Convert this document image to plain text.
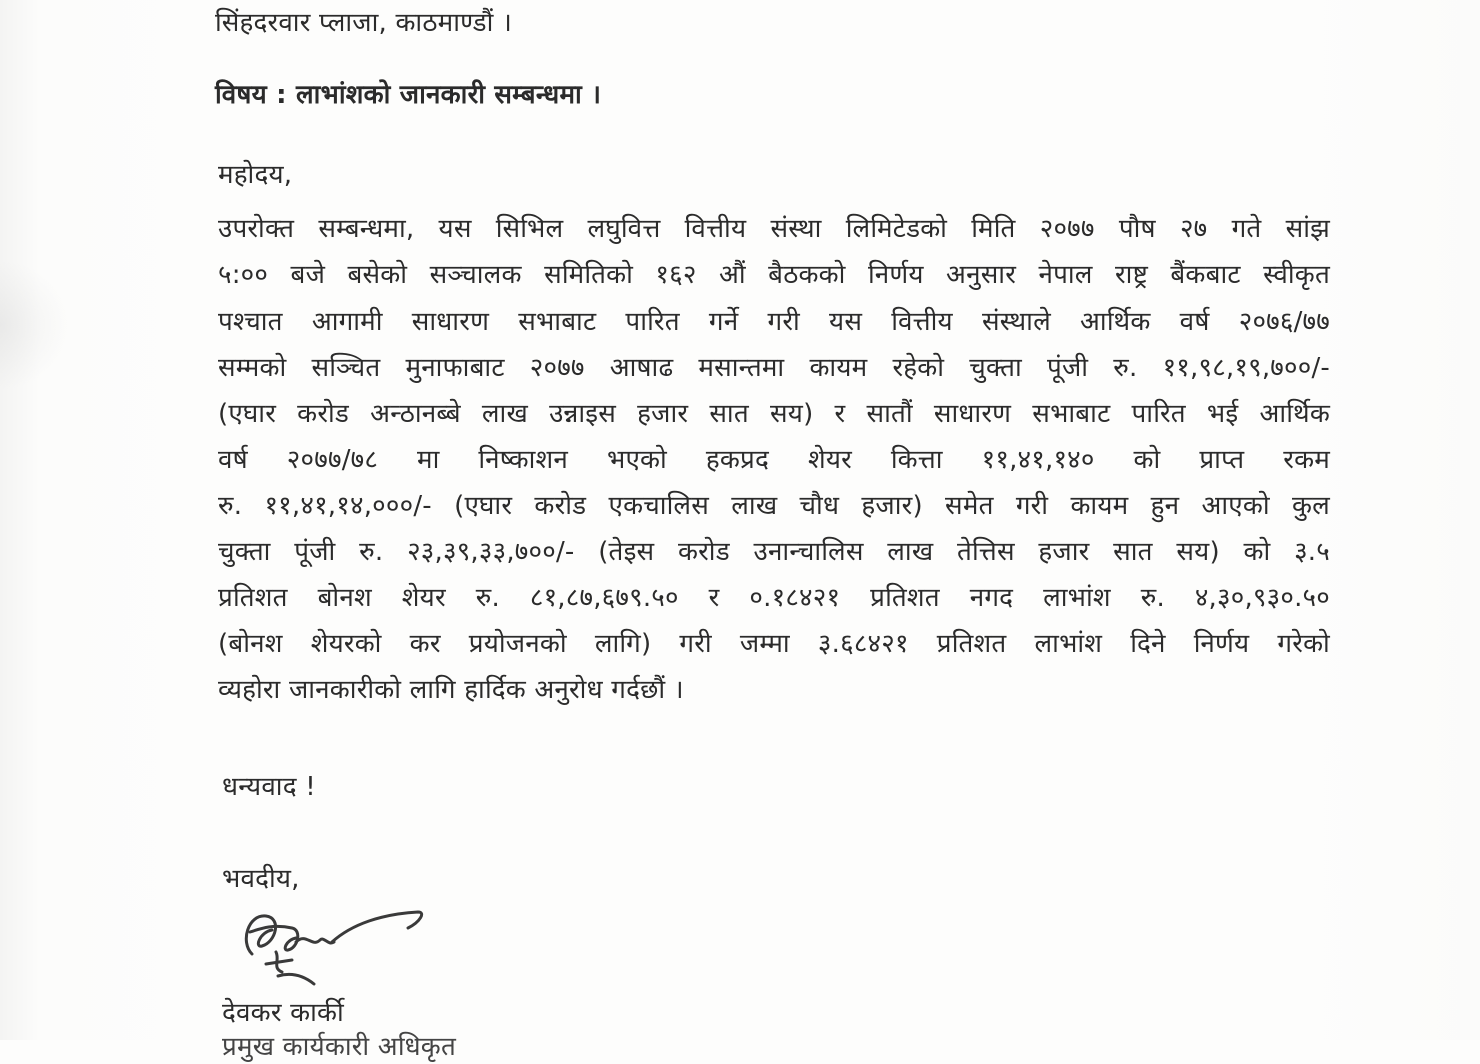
सिंहदरवार प्लाजा, काठमाण्डौं ।
विषय : लाभांशको जानकारी सम्बन्धमा ।
महोदय,
उपरोक्त सम्बन्धमा, यस सिभिल लघुवित्त वित्तीय संस्था लिमिटेडको मिति २०७७ पौष २७ गते सांझ
५:०० बजे बसेको सञ्चालक समितिको १६२ औं बैठकको निर्णय अनुसार नेपाल राष्ट्र बैंकबाट स्वीकृत
पश्चात आगामी साधारण सभाबाट पारित गर्ने गरी यस वित्तीय संस्थाले आर्थिक वर्ष २०७६/७७
सम्मको सञ्चित मुनाफाबाट २०७७ आषाढ मसान्तमा कायम रहेको चुक्ता पूंजी रु. ११,९८,१९,७००/-
(एघार करोड अन्ठानब्बे लाख उन्नाइस हजार सात सय) र सातौं साधारण सभाबाट पारित भई आर्थिक
वर्ष २०७७/७८ मा निष्काशन भएको हकप्रद शेयर कित्ता ११,४१,१४० को प्राप्त रकम
रु. ११,४१,१४,०००/- (एघार करोड एकचालिस लाख चौध हजार) समेत गरी कायम हुन आएको कुल
चुक्ता पूंजी रु. २३,३९,३३,७००/- (तेइस करोड उनान्चालिस लाख तेत्तिस हजार सात सय) को ३.५
प्रतिशत बोनश शेयर रु. ८१,८७,६७९.५० र ०.१८४२१ प्रतिशत नगद लाभांश रु. ४,३०,९३०.५०
(बोनश शेयरको कर प्रयोजनको लागि) गरी जम्मा ३.६८४२१ प्रतिशत लाभांश दिने निर्णय गरेको
व्यहोरा जानकारीको लागि हार्दिक अनुरोध गर्दछौं ।
धन्यवाद !
भवदीय,
देवकर कार्की
प्रमुख कार्यकारी अधिकृत
